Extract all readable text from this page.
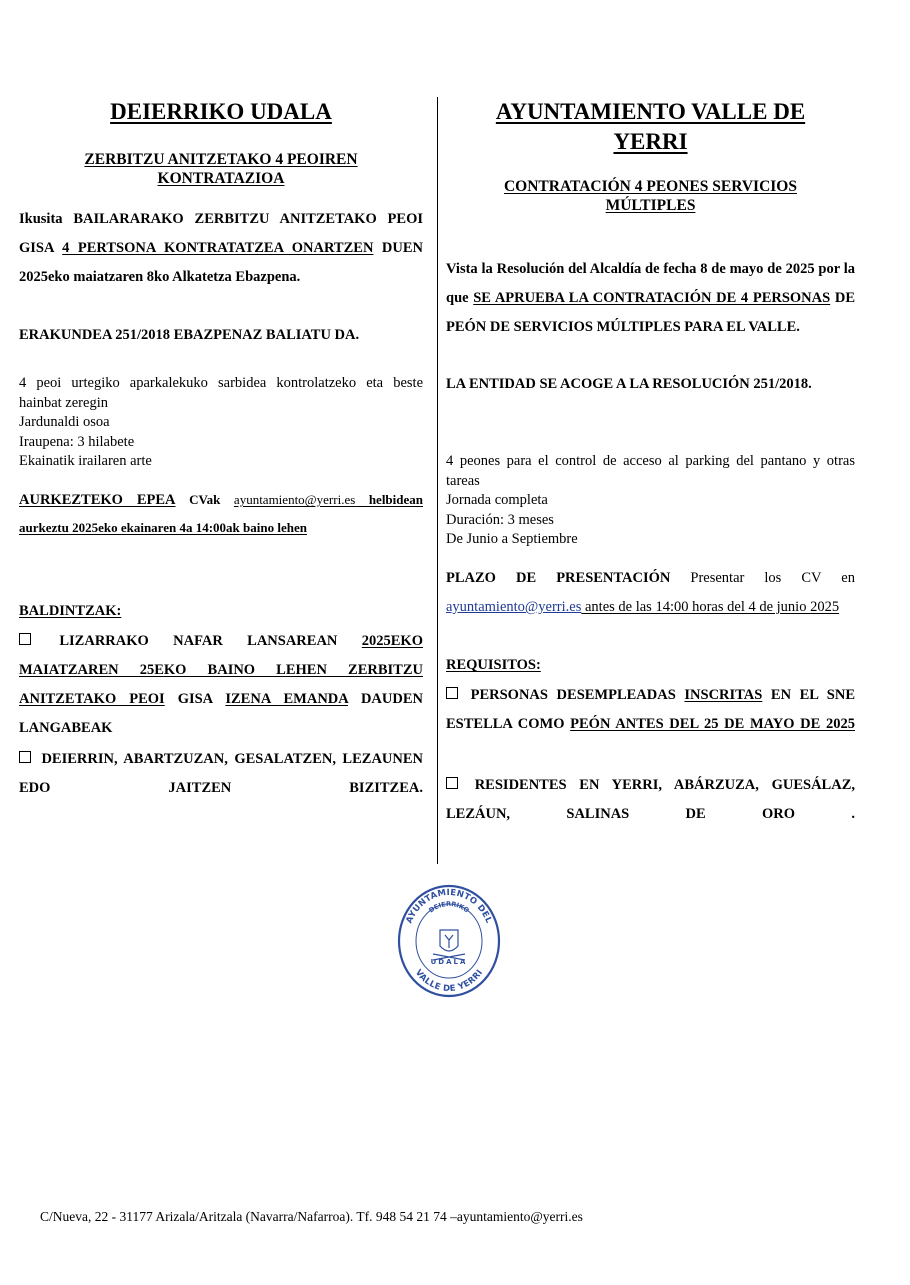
DEIERRIKO UDALA
ZERBITZU ANITZETAKO 4 PEOIREN KONTRATAZIOA
Ikusita BAILARARAKO ZERBITZU ANITZETAKO PEOI GISA 4 PERTSONA KONTRATATZEA ONARTZEN DUEN 2025eko maiatzaren 8ko Alkatetza Ebazpena.
ERAKUNDEA 251/2018 EBAZPENAZ BALIATU DA.
4 peoi urtegiko aparkalekuko sarbidea kontrolatzeko eta beste hainbat zeregin
Jardunaldi osoa
Iraupena: 3 hilabete
Ekainatik irailaren arte
AURKEZTEKO EPEA CVak ayuntamiento@yerri.es helbidean aurkeztu 2025eko ekainaren 4a 14:00ak baino lehen
BALDINTZAK:
LIZARRAKO NAFAR LANSAREAN 2025EKO MAIATZAREN 25EKO BAINO LEHEN ZERBITZU ANITZETAKO PEOI GISA IZENA EMANDA DAUDEN LANGABEAK
DEIERRIN, ABARTZUZAN, GESALATZEN, LEZAUNEN EDO JAITZEN BIZITZEA.
AYUNTAMIENTO VALLE DE YERRI
CONTRATACIÓN 4 PEONES SERVICIOS MÚLTIPLES
Vista la Resolución del Alcaldía de fecha 8 de mayo de 2025 por la que SE APRUEBA LA CONTRATACIÓN DE 4 PERSONAS DE PEÓN DE SERVICIOS MÚLTIPLES PARA EL VALLE.
LA ENTIDAD SE ACOGE A LA RESOLUCIÓN 251/2018.
4 peones para el control de acceso al parking del pantano y otras tareas
Jornada completa
Duración: 3 meses
De Junio a Septiembre
PLAZO DE PRESENTACIÓN Presentar los CV en ayuntamiento@yerri.es antes de las 14:00 horas del 4 de junio 2025
REQUISITOS:
PERSONAS DESEMPLEADAS INSCRITAS EN EL SNE ESTELLA COMO PEÓN ANTES DEL 25 DE MAYO DE 2025
RESIDENTES EN YERRI, ABÁRZUZA, GUESÁLAZ, LEZÁUN, SALINAS DE ORO .
AYUNTAMIENTO DEL
DEIERRIKO
VALLE DE YERRI
UDALA
C/Nueva, 22 - 31177 Arizala/Aritzala (Navarra/Nafarroa). Tf. 948 54 21 74 –ayuntamiento@yerri.es
